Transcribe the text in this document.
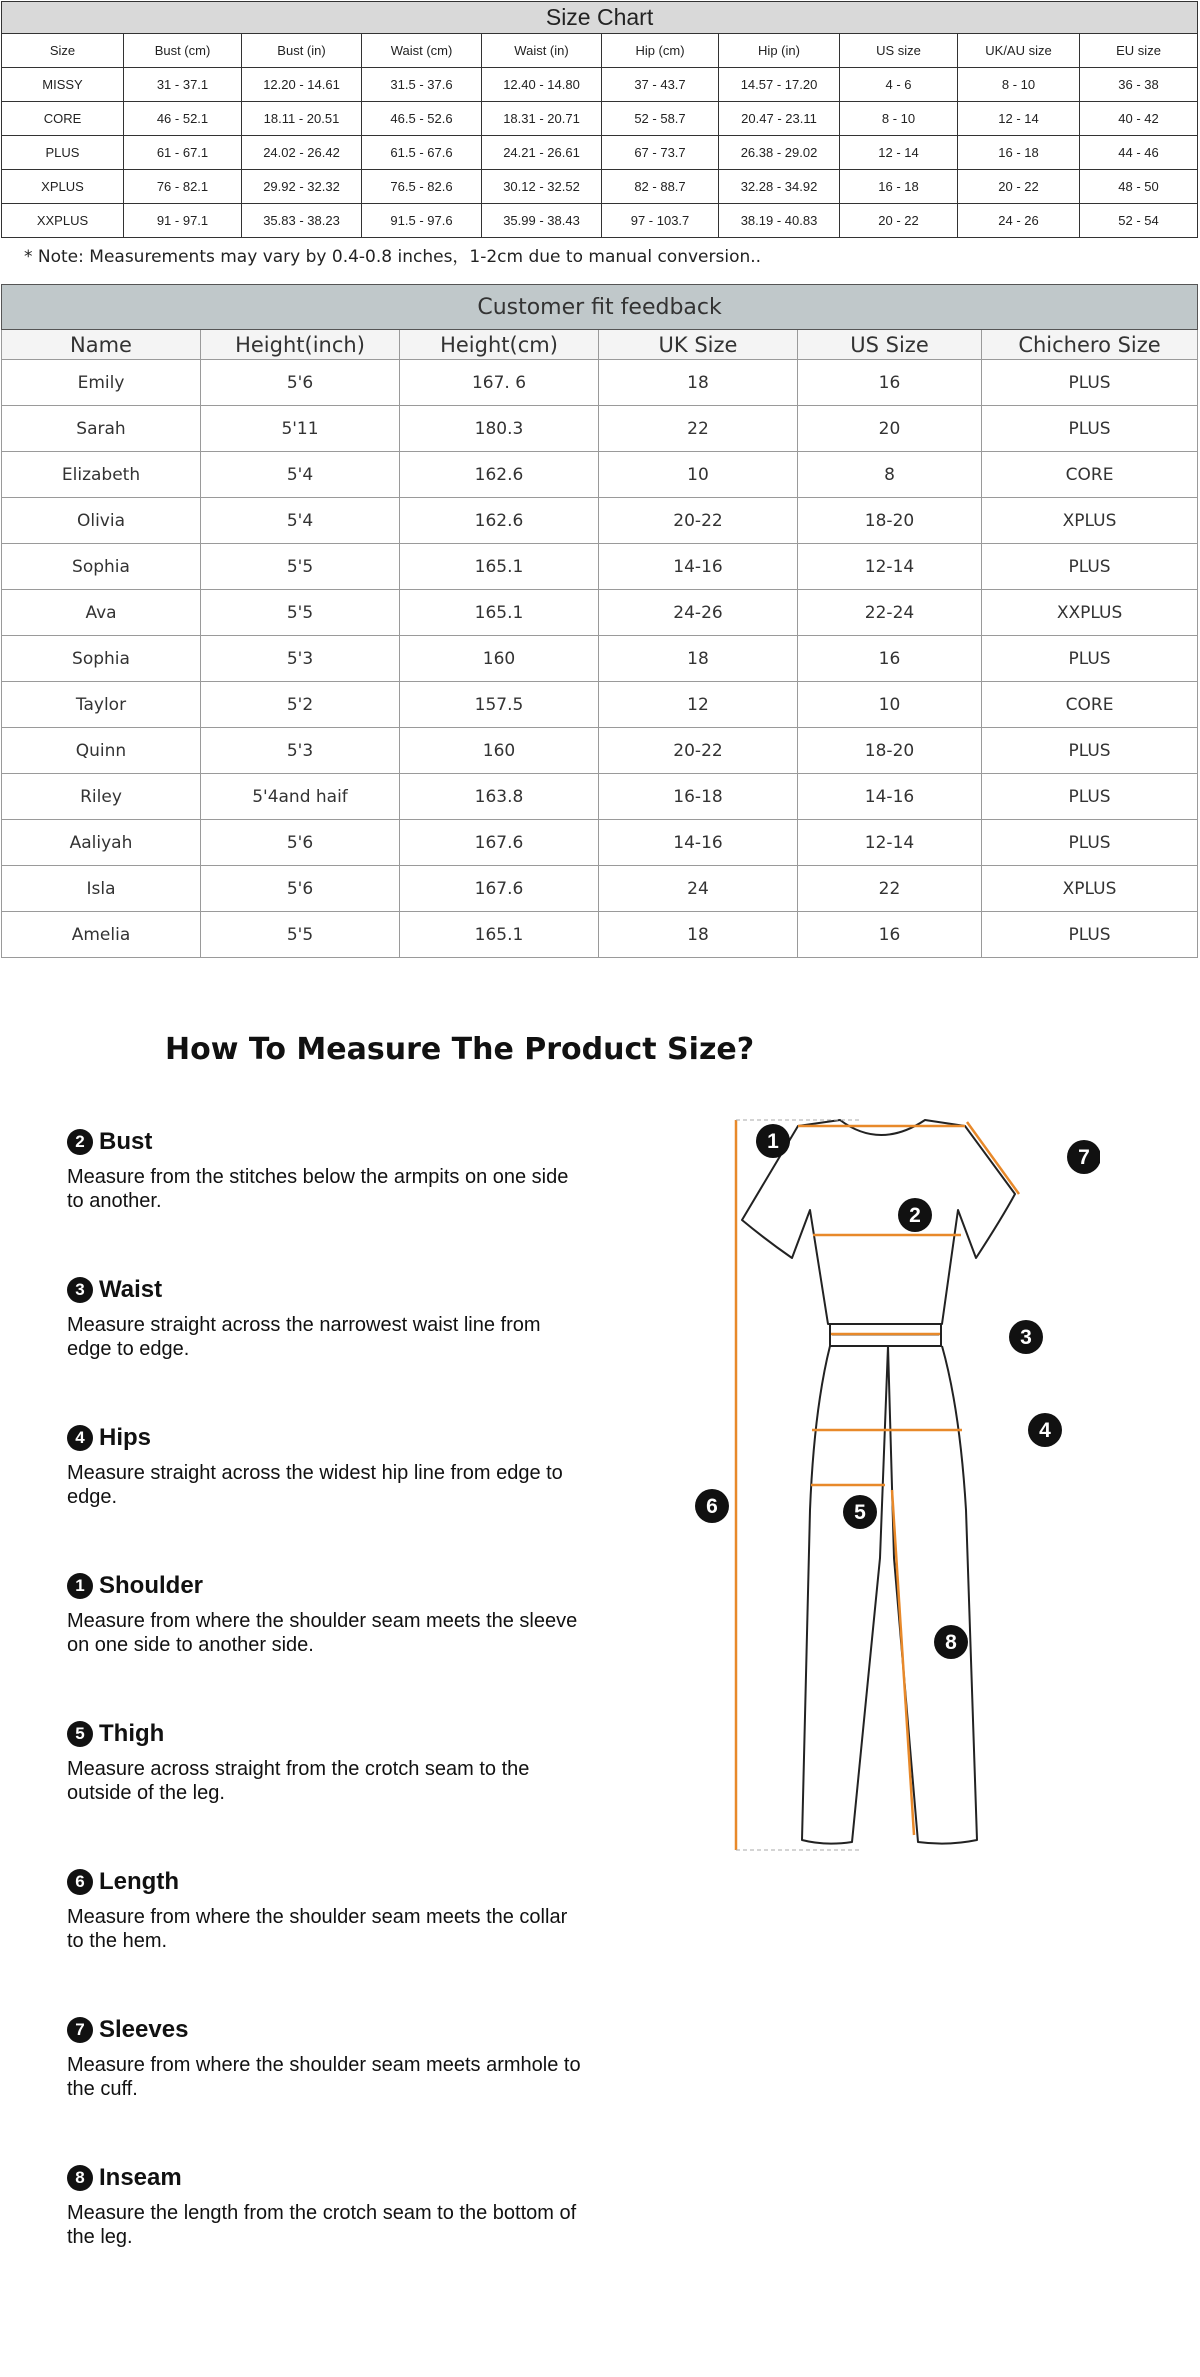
Size Chart									
Size	Bust (cm)	Bust (in)	Waist (cm)	Waist (in)	Hip (cm)	Hip (in)	US size	UK/AU size	EU size
MISSY	31 - 37.1	12.20 - 14.61	31.5 - 37.6	12.40 - 14.80	37 - 43.7	14.57 - 17.20	4 - 6	8 - 10	36 - 38
CORE	46 - 52.1	18.11 - 20.51	46.5 - 52.6	18.31 - 20.71	52 - 58.7	20.47 - 23.11	8 - 10	12 - 14	40 - 42
PLUS	61 - 67.1	24.02 - 26.42	61.5 - 67.6	24.21 - 26.61	67 - 73.7	26.38 - 29.02	12 - 14	16 - 18	44 - 46
XPLUS	76 - 82.1	29.92 - 32.32	76.5 - 82.6	30.12 - 32.52	82 - 88.7	32.28 - 34.92	16 - 18	20 - 22	48 - 50
XXPLUS	91 - 97.1	35.83 - 38.23	91.5 - 97.6	35.99 - 38.43	97 - 103.7	38.19 - 40.83	20 - 22	24 - 26	52 - 54

* Note: Measurements may vary by 0.4-0.8 inches，1-2cm due to manual conversion..

Customer fit feedback					
Name	Height(inch)	Height(cm)	UK Size	US Size	Chichero Size
Emily	5'6	167. 6	18	16	PLUS
Sarah	5'11	180.3	22	20	PLUS
Elizabeth	5'4	162.6	10	8	CORE
Olivia	5'4	162.6	20-22	18-20	XPLUS
Sophia	5'5	165.1	14-16	12-14	PLUS
Ava	5'5	165.1	24-26	22-24	XXPLUS
Sophia	5'3	160	18	16	PLUS
Taylor	5'2	157.5	12	10	CORE
Quinn	5'3	160	20-22	18-20	PLUS
Riley	5'4and haif	163.8	16-18	14-16	PLUS
Aaliyah	5'6	167.6	14-16	12-14	PLUS
Isla	5'6	167.6	24	22	XPLUS
Amelia	5'5	165.1	18	16	PLUS
How To Measure The Product Size?
2 Bust

Measure from the stitches below the armpits on one side to another.

3 Waist

Measure straight across the narrowest waist line from edge to edge.

4 Hips

Measure straight across the widest hip line from edge to edge.

1 Shoulder

Measure from where the shoulder seam meets the sleeve on one side to another side.

5 Thigh

Measure across straight from the crotch seam to the outside of the leg.

6 Length

Measure from where the shoulder seam meets the collar to the hem.

7 Sleeves

Measure from where the shoulder seam meets armhole to the cuff.

8 Inseam

Measure the length from the crotch seam to the bottom of the leg.

1
2
3
4
5
6
7
8
